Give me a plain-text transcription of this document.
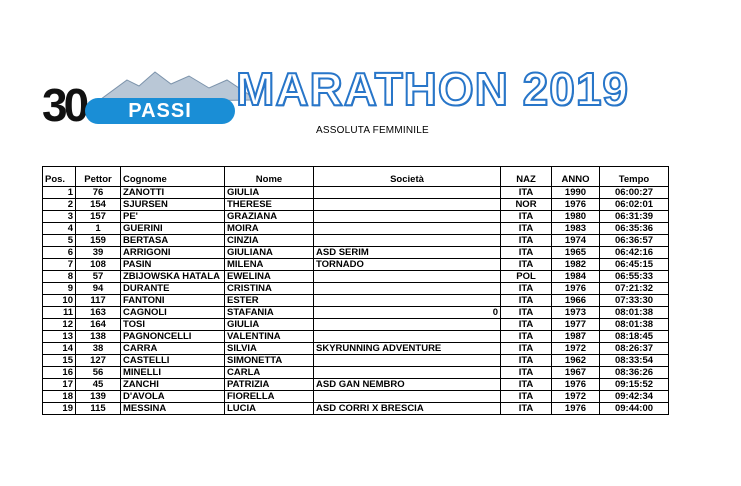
30	PASSI MARATHON 2019
ASSOLUTA FEMMINILE
Pos.	Pettor	Cognome	Nome	Società	NAZ	ANNO	Tempo
1	76	ZANOTTI	GIULIA		ITA	1990	06:00:27
2	154	SJURSEN	THERESE		NOR	1976	06:02:01
3	157	PE'	GRAZIANA		ITA	1980	06:31:39
4	1	GUERINI	MOIRA		ITA	1983	06:35:36
5	159	BERTASA	CINZIA		ITA	1974	06:36:57
6	39	ARRIGONI	GIULIANA	ASD SERIM	ITA	1965	06:42:16
7	108	PASIN	MILENA	TORNADO	ITA	1982	06:45:15
8	57	ZBIJOWSKA HATALA	EWELINA		POL	1984	06:55:33
9	94	DURANTE	CRISTINA		ITA	1976	07:21:32
10	117	FANTONI	ESTER		ITA	1966	07:33:30
11	163	CAGNOLI	STAFANIA	0	ITA	1973	08:01:38
12	164	TOSI	GIULIA		ITA	1977	08:01:38
13	138	PAGNONCELLI	VALENTINA		ITA	1987	08:18:45
14	38	CARRA	SILVIA	SKYRUNNING ADVENTURE	ITA	1972	08:26:37
15	127	CASTELLI	SIMONETTA		ITA	1962	08:33:54
16	56	MINELLI	CARLA		ITA	1967	08:36:26
17	45	ZANCHI	PATRIZIA	ASD GAN NEMBRO	ITA	1976	09:15:52
18	139	D'AVOLA	FIORELLA		ITA	1972	09:42:34
19	115	MESSINA	LUCIA	ASD CORRI X BRESCIA	ITA	1976	09:44:00
